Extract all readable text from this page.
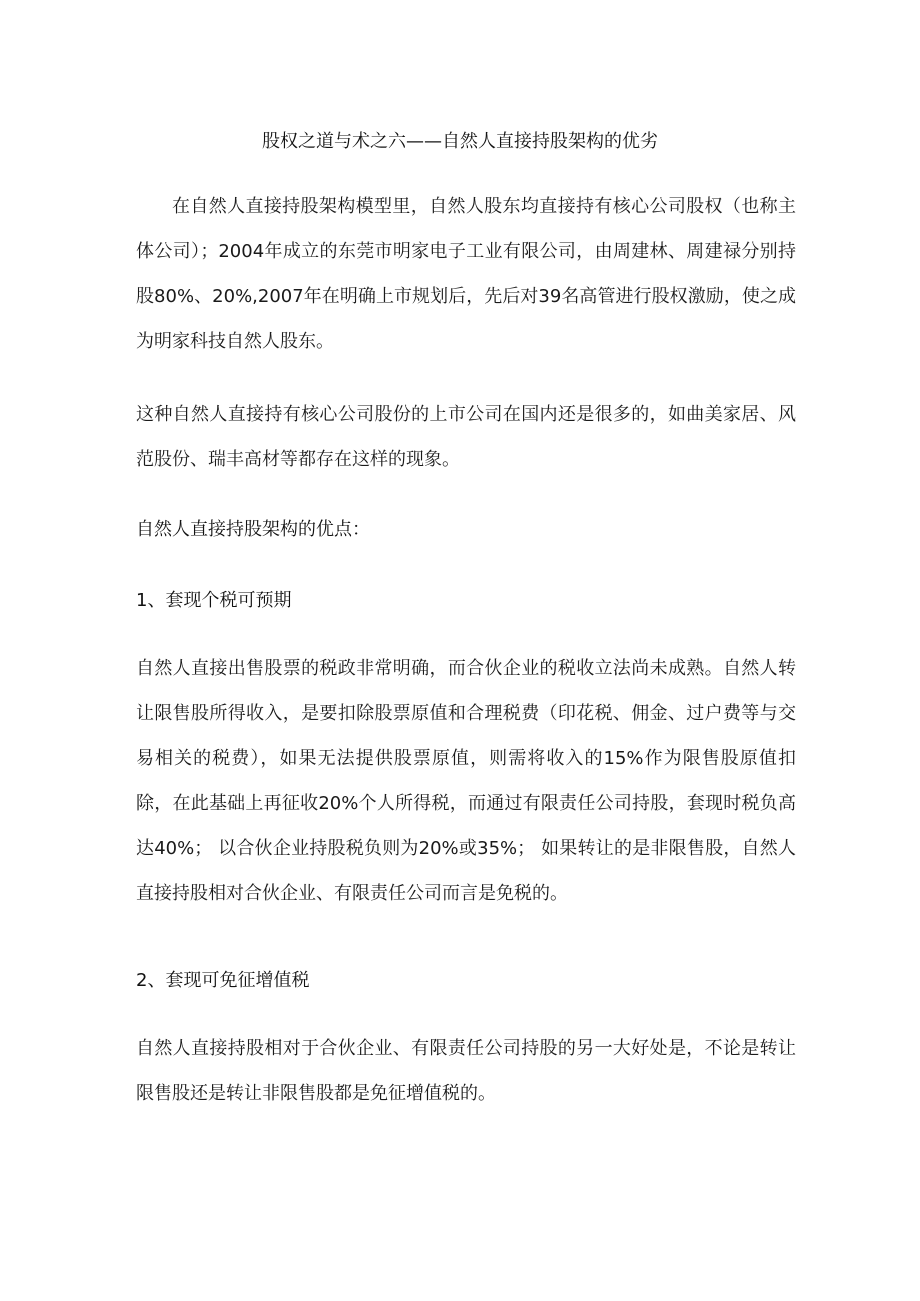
股权之道与术之六——自然人直接持股架构的优劣

在自然人直接持股架构模型里，自然人股东均直接持有核心公司股权（也称主体公司）；2004年成立的东莞市明家电子工业有限公司，由周建林、周建禄分别持股80%、20%,2007年在明确上市规划后，先后对39名高管进行股权激励，使之成为明家科技自然人股东。

这种自然人直接持有核心公司股份的上市公司在国内还是很多的，如曲美家居、风范股份、瑞丰高材等都存在这样的现象。

自然人直接持股架构的优点：
1、套现个税可预期

自然人直接出售股票的税政非常明确，而合伙企业的税收立法尚未成熟。自然人转让限售股所得收入，是要扣除股票原值和合理税费（印花税、佣金、过户费等与交易相关的税费），如果无法提供股票原值，则需将收入的15%作为限售股原值扣除，在此基础上再征收20%个人所得税，而通过有限责任公司持股，套现时税负高达40%； 以合伙企业持股税负则为20%或35%； 如果转让的是非限售股，自然人直接持股相对合伙企业、有限责任公司而言是免税的。

2、套现可免征增值税

自然人直接持股相对于合伙企业、有限责任公司持股的另一大好处是，不论是转让限售股还是转让非限售股都是免征增值税的。
